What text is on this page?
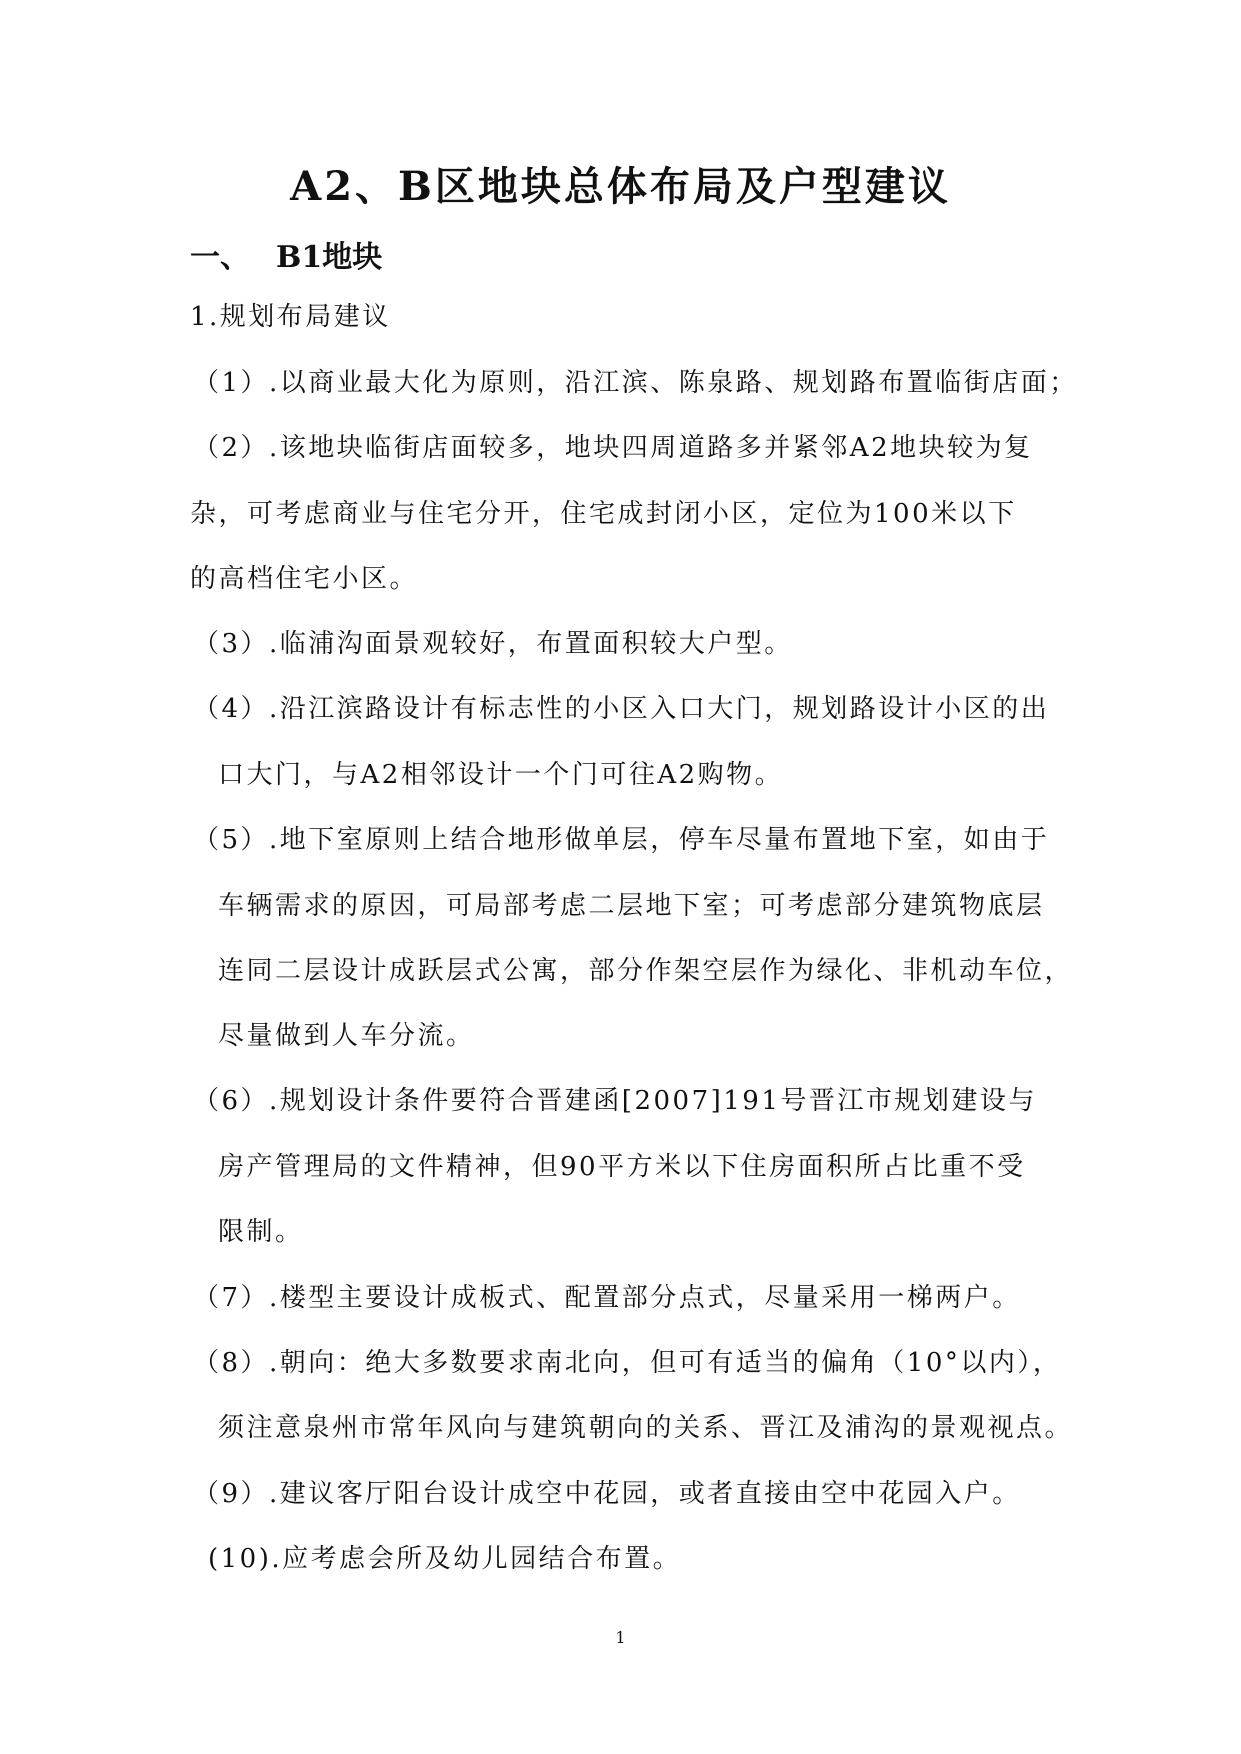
A2、B区地块总体布局及户型建议
一、 B1地块
1.规划布局建议
（1）.以商业最大化为原则，沿江滨、陈泉路、规划路布置临街店面；
（2）.该地块临街店面较多，地块四周道路多并紧邻A2地块较为复
杂，可考虑商业与住宅分开，住宅成封闭小区，定位为100米以下
的高档住宅小区。
（3）.临浦沟面景观较好，布置面积较大户型。
（4）.沿江滨路设计有标志性的小区入口大门，规划路设计小区的出
口大门，与A2相邻设计一个门可往A2购物。
（5）.地下室原则上结合地形做单层，停车尽量布置地下室，如由于
车辆需求的原因，可局部考虑二层地下室；可考虑部分建筑物底层
连同二层设计成跃层式公寓，部分作架空层作为绿化、非机动车位，
尽量做到人车分流。
（6）.规划设计条件要符合晋建函[2007]191号晋江市规划建设与
房产管理局的文件精神，但90平方米以下住房面积所占比重不受
限制。
（7）.楼型主要设计成板式、配置部分点式，尽量采用一梯两户。
（8）.朝向：绝大多数要求南北向，但可有适当的偏角（10°以内），
须注意泉州市常年风向与建筑朝向的关系、晋江及浦沟的景观视点。
（9）.建议客厅阳台设计成空中花园，或者直接由空中花园入户。
(10).应考虑会所及幼儿园结合布置。
1
